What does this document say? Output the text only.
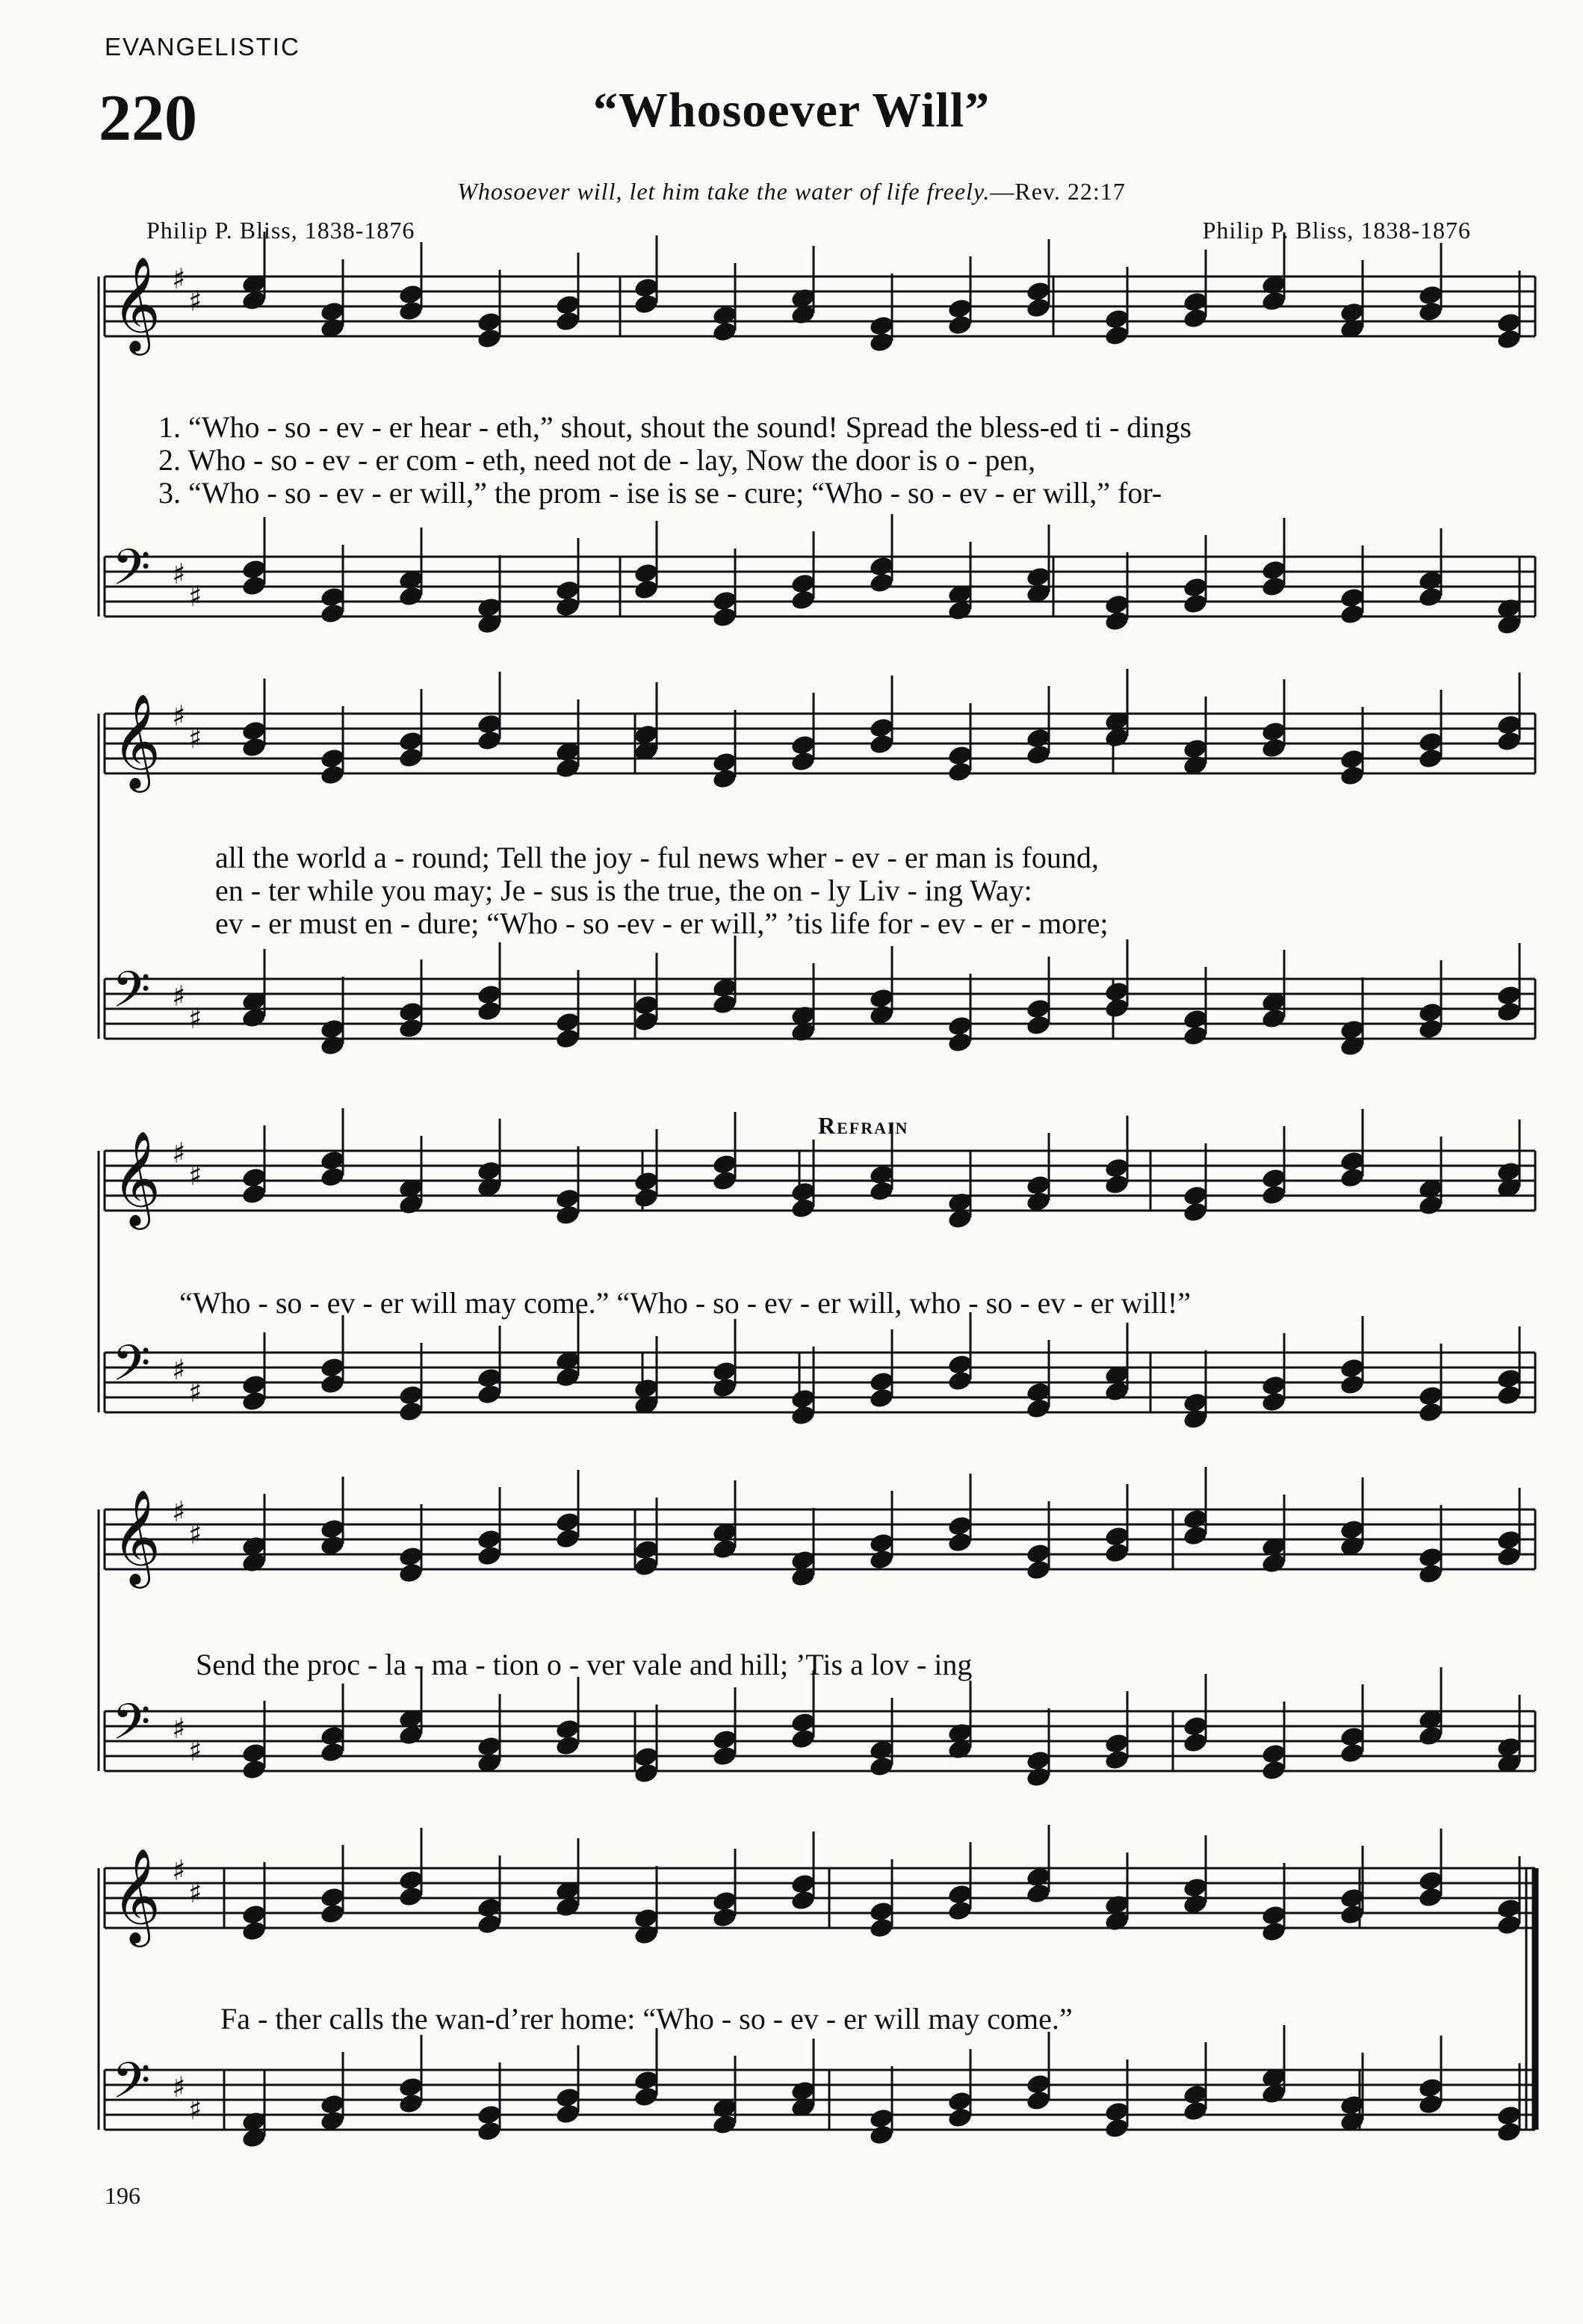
EVANGELISTIC
220	“Whosoever Will”
Whosoever will, let him take the water of life freely.—Rev. 22:17
Philip P. Bliss, 1838-1876	Philip P. Bliss, 1838-1876
𝄞 ♯
♯
𝄢 ♯
♯
𝄞 ♯
♯
𝄢 ♯
♯
𝄞 ♯
♯
𝄢 ♯
♯
𝄞 ♯
♯
𝄢 ♯
♯
𝄞 ♯
♯
𝄢 ♯
♯
1. “Who - so - ev - er hear - eth,” shout, shout the sound! Spread the bless-ed ti - dings
2. Who - so - ev - er com - eth, need not de - lay, Now the door is o - pen,
3. “Who - so - ev - er will,” the prom - ise is se - cure; “Who - so - ev - er will,” for-
all the world a - round; Tell the joy - ful news wher - ev - er man is found,
en - ter while you may; Je - sus is the true, the on - ly Liv - ing Way:
ev - er must en - dure; “Who - so -ev - er will,” ’tis life for - ev - er - more;
Refrain
“Who - so - ev - er will may come.” “Who - so - ev - er will, who - so - ev - er will!”
Send the proc - la - ma - tion o - ver vale and hill; ’Tis a lov - ing
Fa - ther calls the wan-d’rer home: “Who - so - ev - er will may come.”
196
